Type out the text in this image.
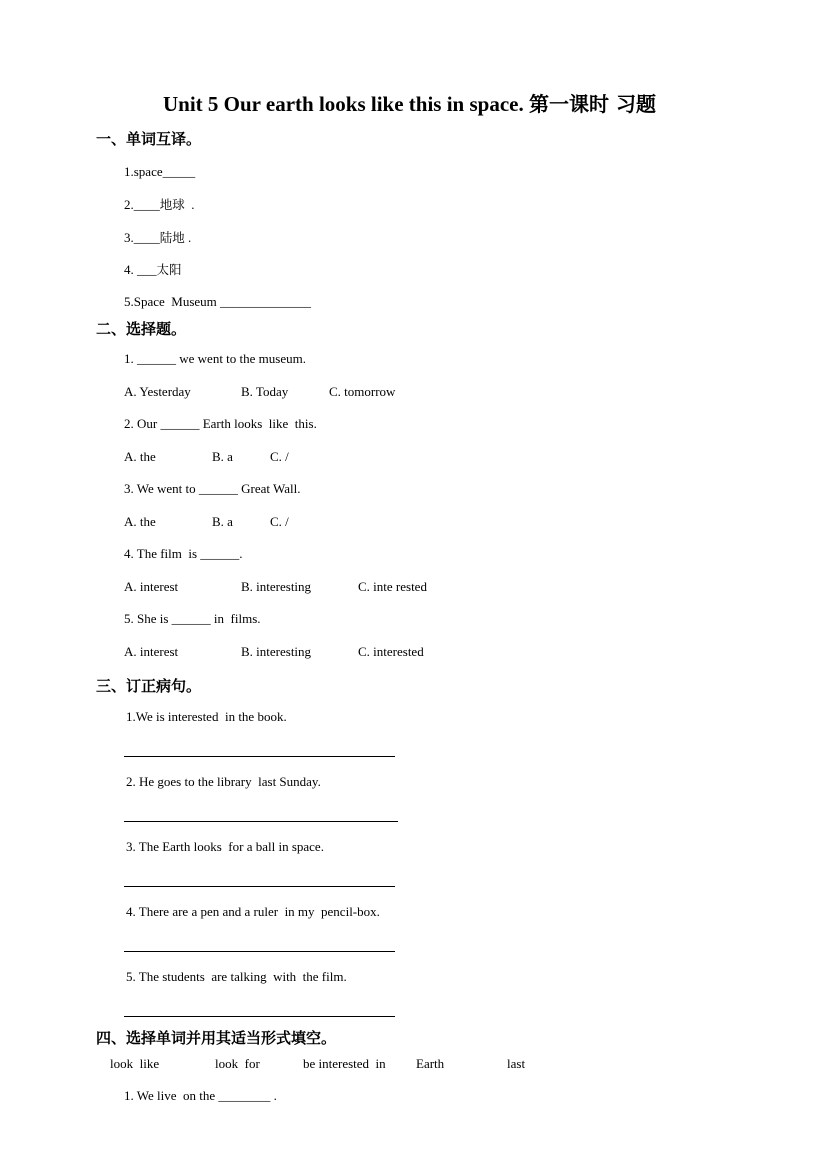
Unit 5 Our earth looks like this in space. 第一课时 习题
一、单词互译。
1.space_____
2.____地球  .
3.____陆地 .
4. ___太阳
5.Space  Museum ______________
二、选择题。
1. ______ we went to the museum.
A. Yesterday	B. Today	C. tomorrow
2. Our ______ Earth looks  like  this.
A. the	B. a	C. /
3. We went to ______ Great Wall.
A. the	B. a	C. /
4. The film  is ______.
A. interest	B. interesting	C. inte rested
5. She is ______ in  films.
A. interest	B. interesting	C. interested
三、订正病句。
1.We is interested  in the book.
2. He goes to the library  last Sunday.
3. The Earth looks  for a ball in space.
4. There are a pen and a ruler  in my  pencil-box.
5. The students  are talking  with  the film.
四、选择单词并用其适当形式填空。
look  like	look  for	be interested  in Earth	last
1. We live  on the ________ .
